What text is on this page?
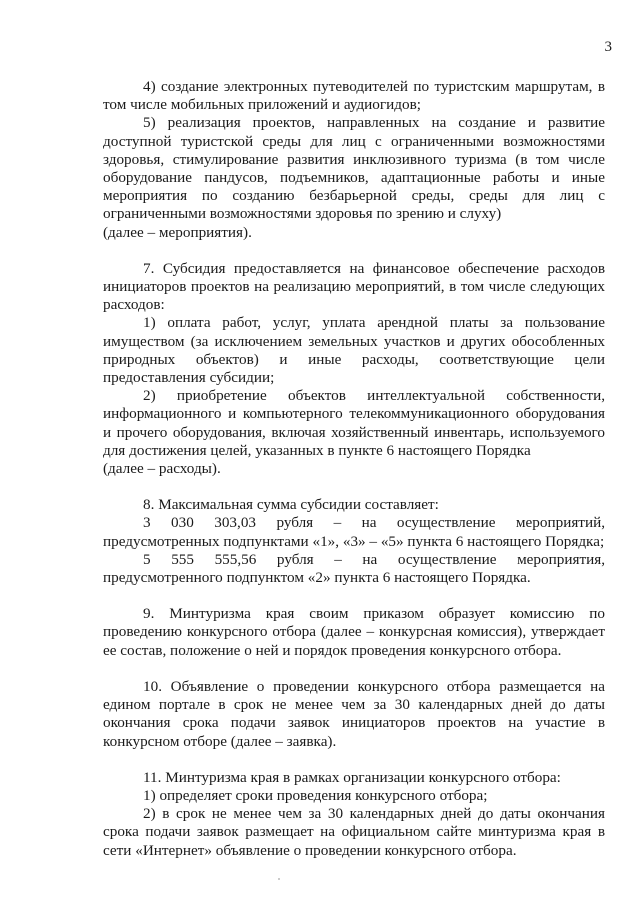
3

4) создание электронных путеводителей по туристским маршрутам, в том числе мобильных приложений и аудиогидов;

5) реализация проектов, направленных на создание и развитие доступной туристской среды для лиц с ограниченными возможностями здоровья, стимулирование развития инклюзивного туризма (в том числе оборудование пандусов, подъемников, адаптационные работы и иные мероприятия по созданию безбарьерной среды, среды для лиц с ограниченными возможностями здоровья по зрению и слуху)

(далее – мероприятия).

7. Субсидия предоставляется на финансовое обеспечение расходов инициаторов проектов на реализацию мероприятий, в том числе следующих расходов:

1) оплата работ, услуг, уплата арендной платы за пользование имуществом (за исключением земельных участков и других обособленных природных объектов) и иные расходы, соответствующие цели предоставления субсидии;

2) приобретение объектов интеллектуальной собственности, информационного и компьютерного телекоммуникационного оборудования и прочего оборудования, включая хозяйственный инвентарь, используемого для достижения целей, указанных в пункте 6 настоящего Порядка

(далее – расходы).

8. Максимальная сумма субсидии составляет:

3 030 303,03 рубля – на осуществление мероприятий, предусмотренных подпунктами «1», «3» – «5» пункта 6 настоящего Порядка;

5 555 555,56 рубля – на осуществление мероприятия, предусмотренного подпунктом «2» пункта 6 настоящего Порядка.

9. Минтуризма края своим приказом образует комиссию по проведению конкурсного отбора (далее – конкурсная комиссия), утверждает ее состав, положение о ней и порядок проведения конкурсного отбора.

10. Объявление о проведении конкурсного отбора размещается на едином портале в срок не менее чем за 30 календарных дней до даты окончания срока подачи заявок инициаторов проектов на участие в конкурсном отборе (далее – заявка).

11. Минтуризма края в рамках организации конкурсного отбора:

1) определяет сроки проведения конкурсного отбора;

2) в срок не менее чем за 30 календарных дней до даты окончания срока подачи заявок размещает на официальном сайте минтуризма края в сети «Интернет» объявление о проведении конкурсного отбора.
